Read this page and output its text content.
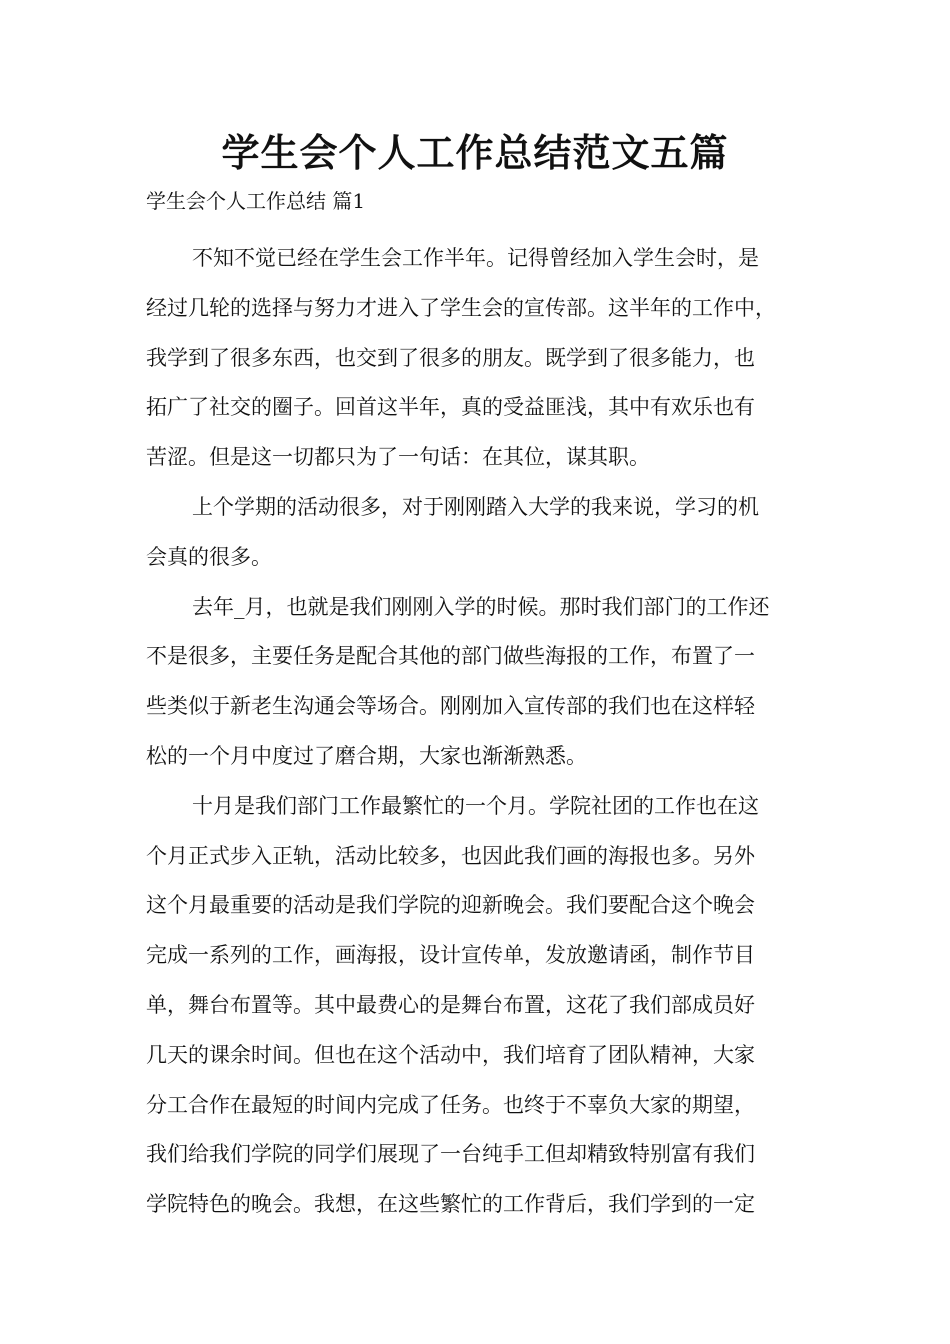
学生会个人工作总结范文五篇
学生会个人工作总结 篇1

不知不觉已经在学生会工作半年。记得曾经加入学生会时，是
经过几轮的选择与努力才进入了学生会的宣传部。这半年的工作中，
我学到了很多东西，也交到了很多的朋友。既学到了很多能力，也
拓广了社交的圈子。回首这半年，真的受益匪浅，其中有欢乐也有
苦涩。但是这一切都只为了一句话：在其位，谋其职。

上个学期的活动很多，对于刚刚踏入大学的我来说，学习的机
会真的很多。

去年_月，也就是我们刚刚入学的时候。那时我们部门的工作还
不是很多，主要任务是配合其他的部门做些海报的工作，布置了一
些类似于新老生沟通会等场合。刚刚加入宣传部的我们也在这样轻
松的一个月中度过了磨合期，大家也渐渐熟悉。

十月是我们部门工作最繁忙的一个月。学院社团的工作也在这
个月正式步入正轨，活动比较多，也因此我们画的海报也多。另外
这个月最重要的活动是我们学院的迎新晚会。我们要配合这个晚会
完成一系列的工作，画海报，设计宣传单，发放邀请函，制作节目
单，舞台布置等。其中最费心的是舞台布置，这花了我们部成员好
几天的课余时间。但也在这个活动中，我们培育了团队精神，大家
分工合作在最短的时间内完成了任务。也终于不辜负大家的期望，
我们给我们学院的同学们展现了一台纯手工但却精致特别富有我们
学院特色的晚会。我想，在这些繁忙的工作背后，我们学到的一定
